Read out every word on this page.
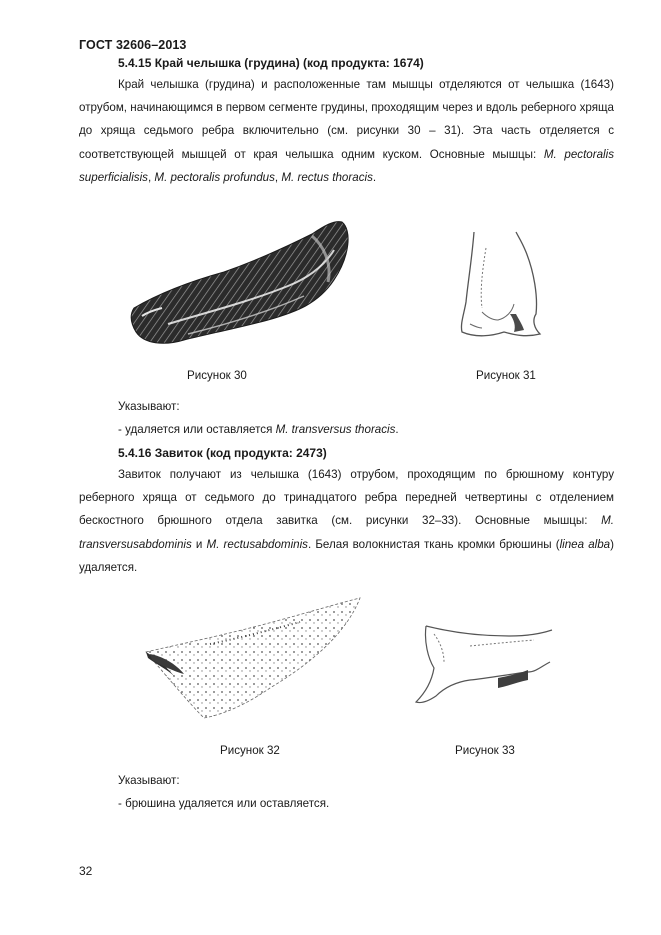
ГОСТ 32606–2013
5.4.15 Край челышка (грудина) (код продукта: 1674)

Край челышка (грудина) и расположенные там мышцы отделяются от челышка (1643) отрубом, начинающимся в первом сегменте грудины, проходящим через и вдоль реберного хряща до хряща седьмого ребра включительно (см. рисунки 30 – 31). Эта часть отделяется с соответствующей мышцей от края челышка одним куском. Основные мышцы: M. pectoralis superficialisis, M. pectoralis profundus, M. rectus thoracis.

Рисунок 30	Рисунок 31
Указывают:
- удаляется или оставляется M. transversus thoracis.
5.4.16 Завиток (код продукта: 2473)

Завиток получают из челышка (1643) отрубом, проходящим по брюшному контуру реберного хряща от седьмого до тринадцатого ребра передней четвертины с отделением бескостного брюшного отдела завитка (см. рисунки 32–33). Основные мышцы: M. transversusabdominis и M. rectusabdominis. Белая волокнистая ткань кромки брюшины (linea alba) удаляется.

Рисунок 32	Рисунок 33
Указывают:
- брюшина удаляется или оставляется.
32
